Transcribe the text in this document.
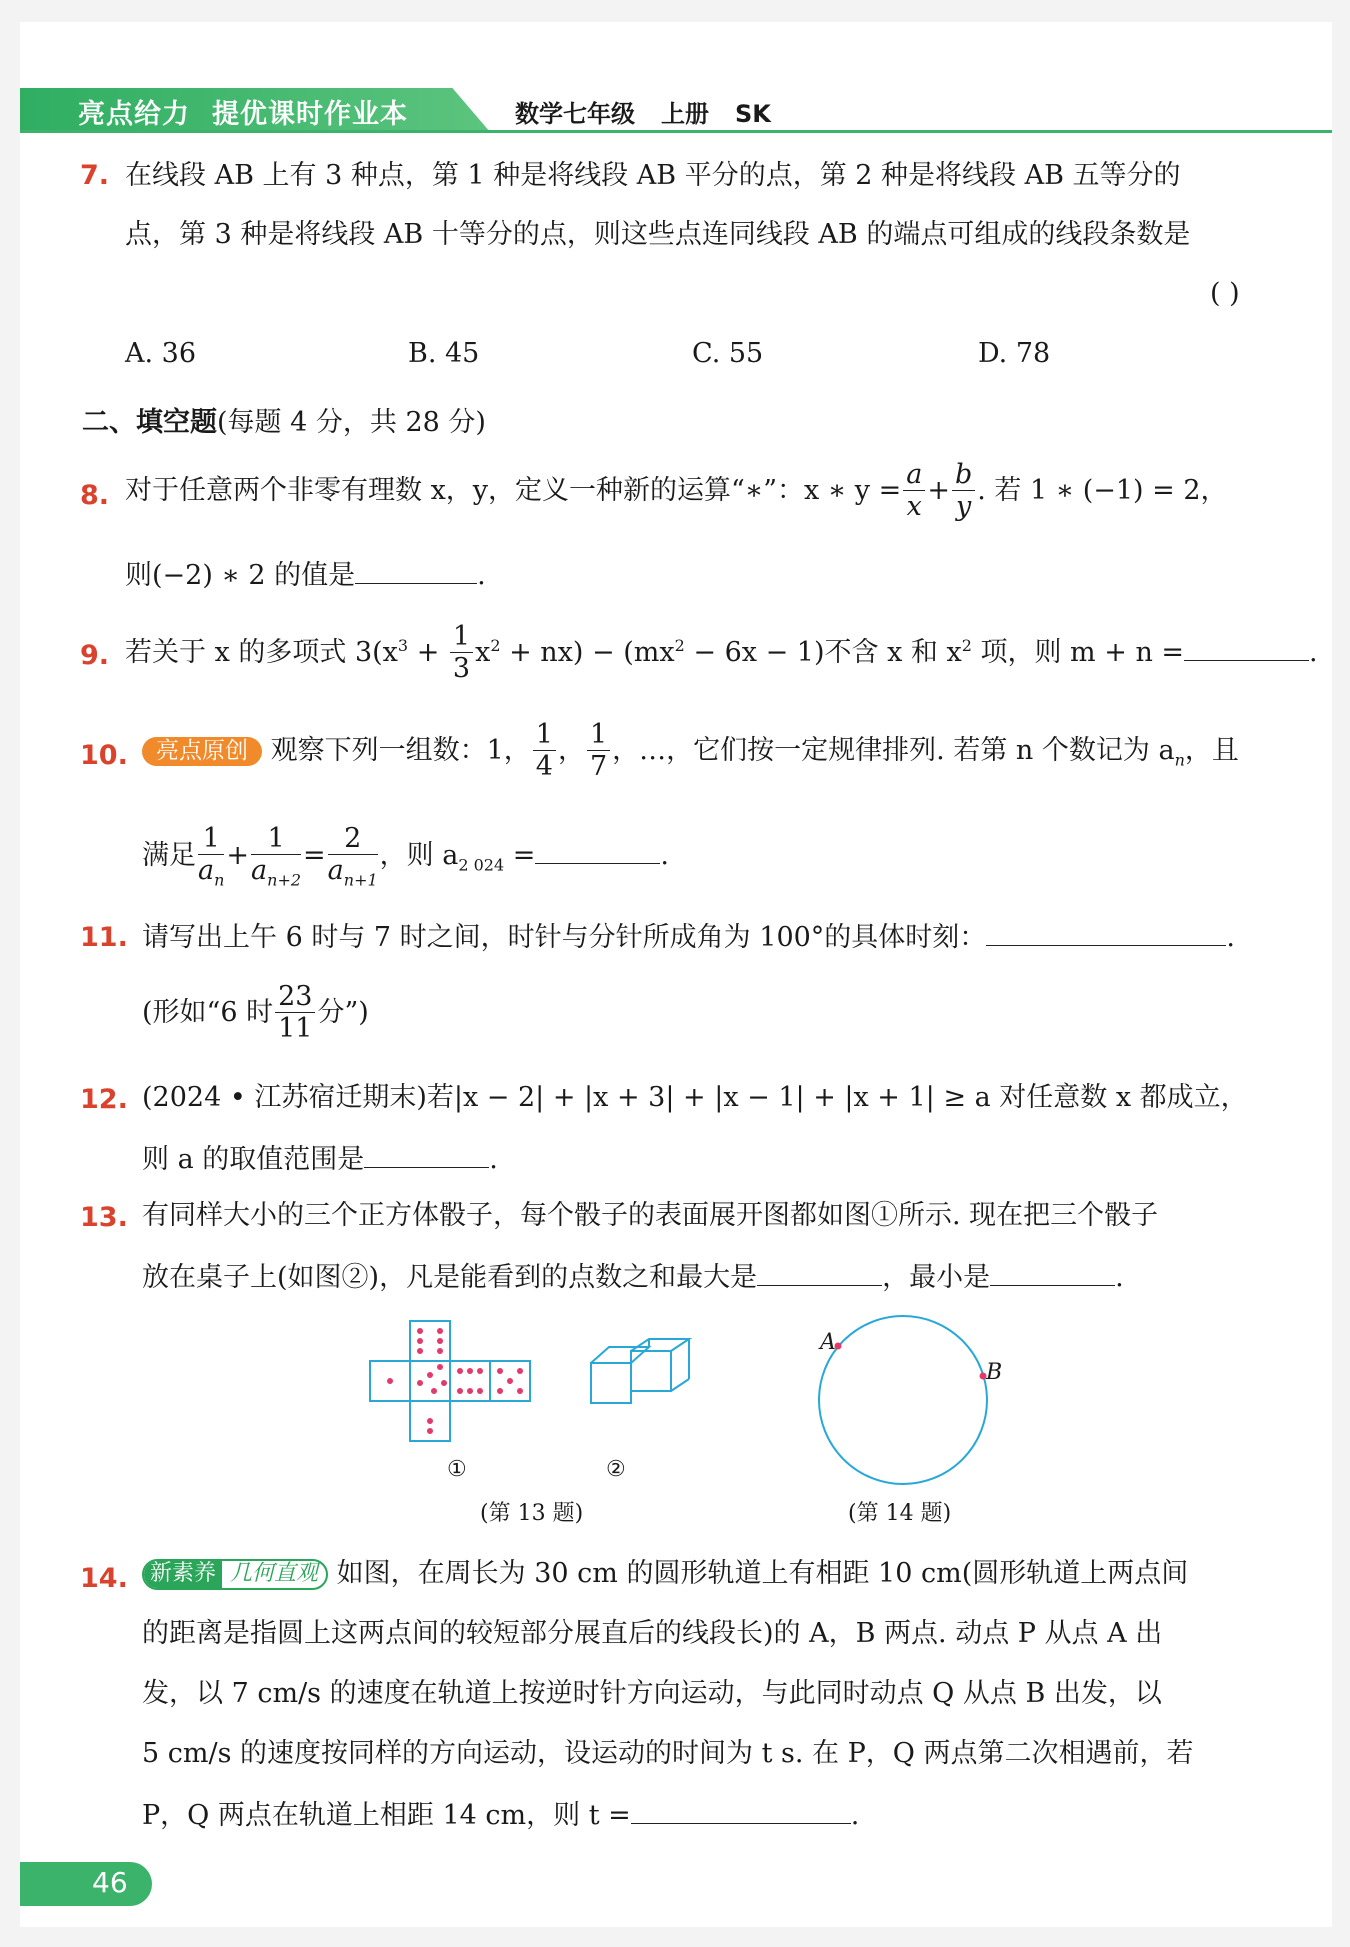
亮点给力 提优课时作业本	数学七年级 上册 SK
7. 在线段 AB 上有 3 种点，第 1 种是将线段 AB 平分的点，第 2 种是将线段 AB 五等分的
点，第 3 种是将线段 AB 十等分的点，则这些点连同线段 AB 的端点可组成的线段条数是
( )
A. 36	B. 45	C. 55	D. 78
二、填空题(每题 4 分，共 28 分)
8. 对于任意两个非零有理数 x，y，定义一种新的运算“∗”：x ∗ $y = \frac{a}{x} + \frac{b}{y}$ . 若 1 ∗ (−1) = 2，
则(−2) ∗ 2 的值是	.
9. 若关于 x 的多项式 $3(x^3 + \frac{1}{3} x^2 + nx) - (mx^2 - 6x - 1)$不含 x 和 $x^2$ 项，则 m + n =	.
10.	亮点原创 观察下列一组数：1， $\frac{1}{4}$ ， $\frac{1}{7}$ ，…，它们按一定规律排列. 若第 n 个数记为 $a_n$，且
满足 $\frac{1}{a_n} + \frac{1}{a_{n+2}} = \frac{2}{a_{n+1}}$ ，则 $a_{2 024}$ =	.
11. 请写出上午 6 时与 7 时之间，时针与分针所成角为 100°的具体时刻：	.
(形如“6 时 $\frac{23}{11}$ 分”)
12. (2024 • 江苏宿迁期末)若|x − 2| + |x + 3| + |x − 1| + |x + 1| ≥ a 对任意数 x 都成立，
则 a 的取值范围是	.
13. 有同样大小的三个正方体骰子，每个骰子的表面展开图都如图①所示. 现在把三个骰子
放在桌子上(如图②)，凡是能看到的点数之和最大是	，最小是	.
①	②
(第 13 题)
A
B
(第 14 题)
14.	新素养 几何直观 如图，在周长为 30 cm 的圆形轨道上有相距 10 cm(圆形轨道上两点间
的距离是指圆上这两点间的较短部分展直后的线段长)的 A，B 两点. 动点 P 从点 A 出
发，以 7 cm/s 的速度在轨道上按逆时针方向运动，与此同时动点 Q 从点 B 出发，以
5 cm/s 的速度按同样的方向运动，设运动的时间为 t s. 在 P，Q 两点第二次相遇前，若
P，Q 两点在轨道上相距 14 cm，则 t =	.
46
